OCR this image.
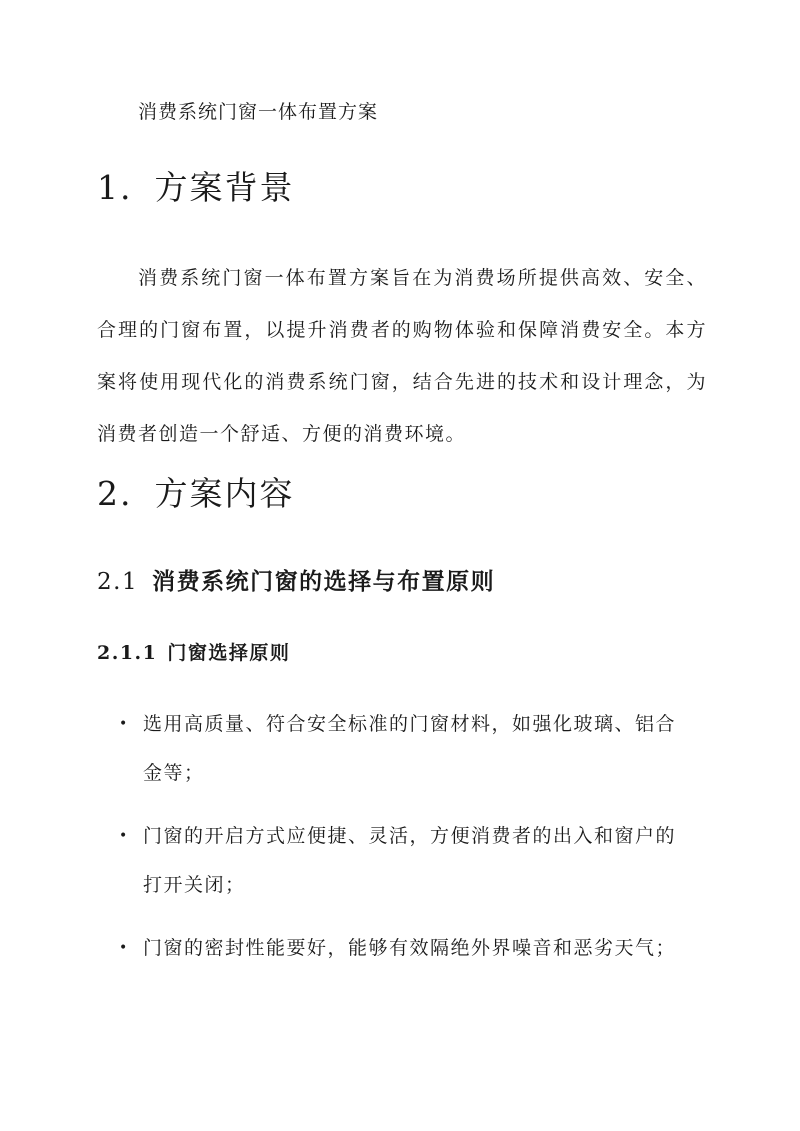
消费系统门窗一体布置方案
1. 方案背景

消费系统门窗一体布置方案旨在为消费场所提供高效、安全、合理的门窗布置，以提升消费者的购物体验和保障消费安全。本方案将使用现代化的消费系统门窗，结合先进的技术和设计理念，为消费者创造一个舒适、方便的消费环境。

2. 方案内容
2.1 消费系统门窗的选择与布置原则
2.1.1 门窗选择原则
• 选用高质量、符合安全标准的门窗材料，如强化玻璃、铝合金等；
• 门窗的开启方式应便捷、灵活，方便消费者的出入和窗户的打开关闭；
• 门窗的密封性能要好，能够有效隔绝外界噪音和恶劣天气；
